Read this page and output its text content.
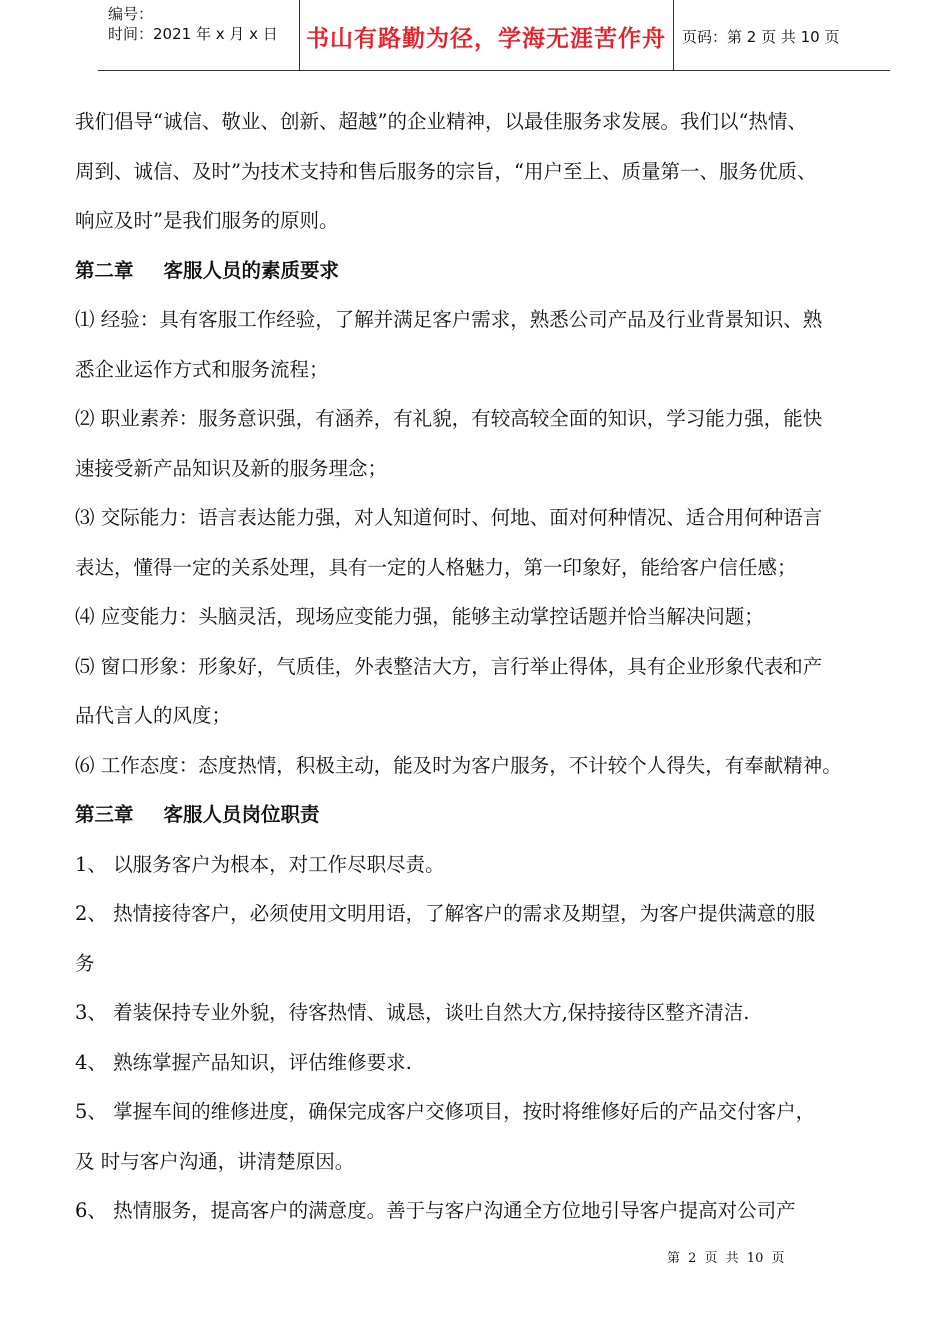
编号：
时间：2021 年 x 月 x 日	书山有路勤为径，学海无涯苦作舟	页码：第 2 页 共 10 页

我们倡导“诚信、敬业、创新、超越”的企业精神，以最佳服务求发展。我们以“热情、

周到、诚信、及时”为技术支持和售后服务的宗旨，“用户至上、质量第一、服务优质、

响应及时”是我们服务的原则。

第二章 客服人员的素质要求

⑴ 经验：具有客服工作经验，了解并满足客户需求，熟悉公司产品及行业背景知识、熟

悉企业运作方式和服务流程；

⑵ 职业素养：服务意识强，有涵养，有礼貌，有较高较全面的知识，学习能力强，能快

速接受新产品知识及新的服务理念；

⑶ 交际能力：语言表达能力强，对人知道何时、何地、面对何种情况、适合用何种语言

表达，懂得一定的关系处理，具有一定的人格魅力，第一印象好，能给客户信任感；

⑷ 应变能力：头脑灵活，现场应变能力强，能够主动掌控话题并恰当解决问题；

⑸ 窗口形象：形象好，气质佳，外表整洁大方，言行举止得体，具有企业形象代表和产

品代言人的风度；

⑹ 工作态度：态度热情，积极主动，能及时为客户服务，不计较个人得失，有奉献精神。

第三章 客服人员岗位职责

1、 以服务客户为根本，对工作尽职尽责。

2、 热情接待客户，必须使用文明用语，了解客户的需求及期望，为客户提供满意的服

务

3、 着装保持专业外貌，待客热情、诚恳，谈吐自然大方,保持接待区整齐清洁.

4、 熟练掌握产品知识，评估维修要求.

5、 掌握车间的维修进度，确保完成客户交修项目，按时将维修好后的产品交付客户，

及 时与客户沟通，讲清楚原因。

6、 热情服务，提高客户的满意度。善于与客户沟通全方位地引导客户提高对公司产

第 2 页 共 10 页
